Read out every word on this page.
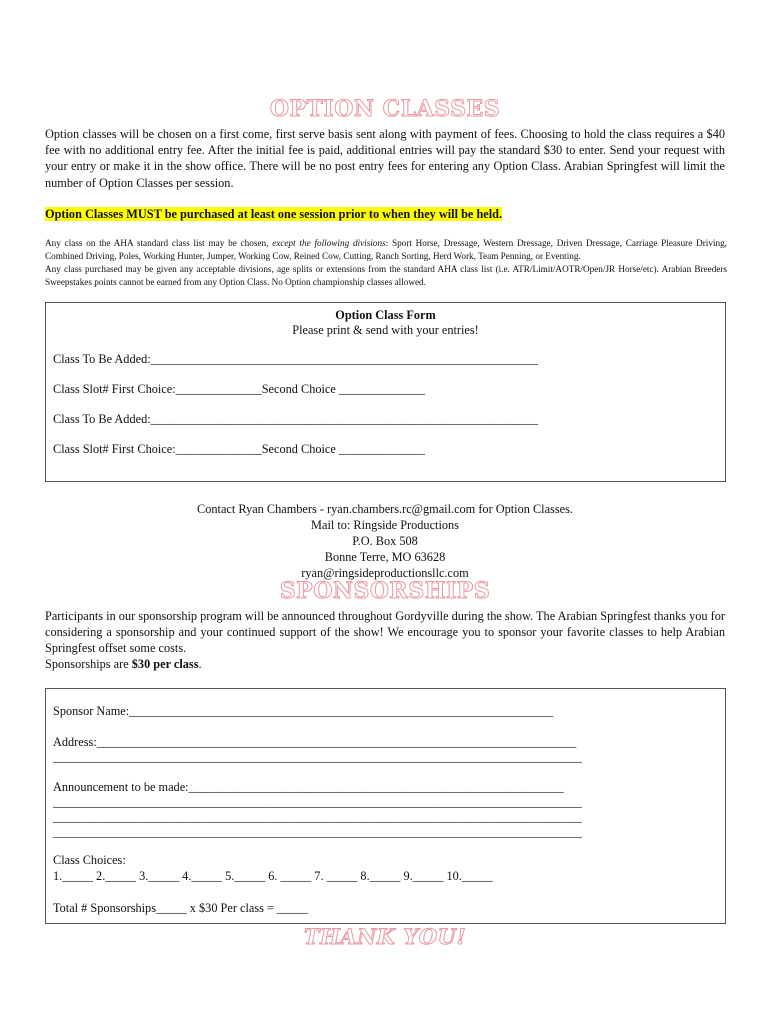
OPTION CLASSES

Option classes will be chosen on a first come, first serve basis sent along with payment of fees. Choosing to hold the class requires a $40 fee with no additional entry fee. After the initial fee is paid, additional entries will pay the standard $30 to enter. Send your request with your entry or make it in the show office. There will be no post entry fees for entering any Option Class. Arabian Springfest will limit the number of Option Classes per session.

Option Classes MUST be purchased at least one session prior to when they will be held.

Any class on the AHA standard class list may be chosen, except the following divisions: Sport Horse, Dressage, Western Dressage, Driven Dressage, Carriage Pleasure Driving, Combined Driving, Poles, Working Hunter, Jumper, Working Cow, Reined Cow, Cutting, Ranch Sorting, Herd Work, Team Penning, or Eventing.

Any class purchased may be given any acceptable divisions, age splits or extensions from the standard AHA class list (i.e. ATR/Limit/AOTR/Open/JR Horse/etc). Arabian Breeders Sweepstakes points cannot be earned from any Option Class. No Option championship classes allowed.

Option Class Form
Please print & send with your entries!
Class To Be Added:_______________________________________________________________
Class Slot# First Choice:______________Second Choice ______________
Class To Be Added:_______________________________________________________________
Class Slot# First Choice:______________Second Choice ______________
Contact Ryan Chambers - ryan.chambers.rc@gmail.com for Option Classes.
Mail to: Ringside Productions
P.O. Box 508
Bonne Terre, MO 63628
ryan@ringsideproductionsllc.com
SPONSORSHIPS

Participants in our sponsorship program will be announced throughout Gordyville during the show. The Arabian Springfest thanks you for considering a sponsorship and your continued support of the show! We encourage you to sponsor your favorite classes to help Arabian Springfest offset some costs.

Sponsorships are $30 per class.

Sponsor Name:_____________________________________________________________________
Address:______________________________________________________________________________
______________________________________________________________________________________
Announcement to be made:_____________________________________________________________
______________________________________________________________________________________
______________________________________________________________________________________
______________________________________________________________________________________
Class Choices:
1._____ 2._____ 3._____ 4._____ 5._____ 6. _____ 7. _____ 8._____ 9._____ 10._____
Total # Sponsorships_____ x $30 Per class = _____
THANK YOU!
